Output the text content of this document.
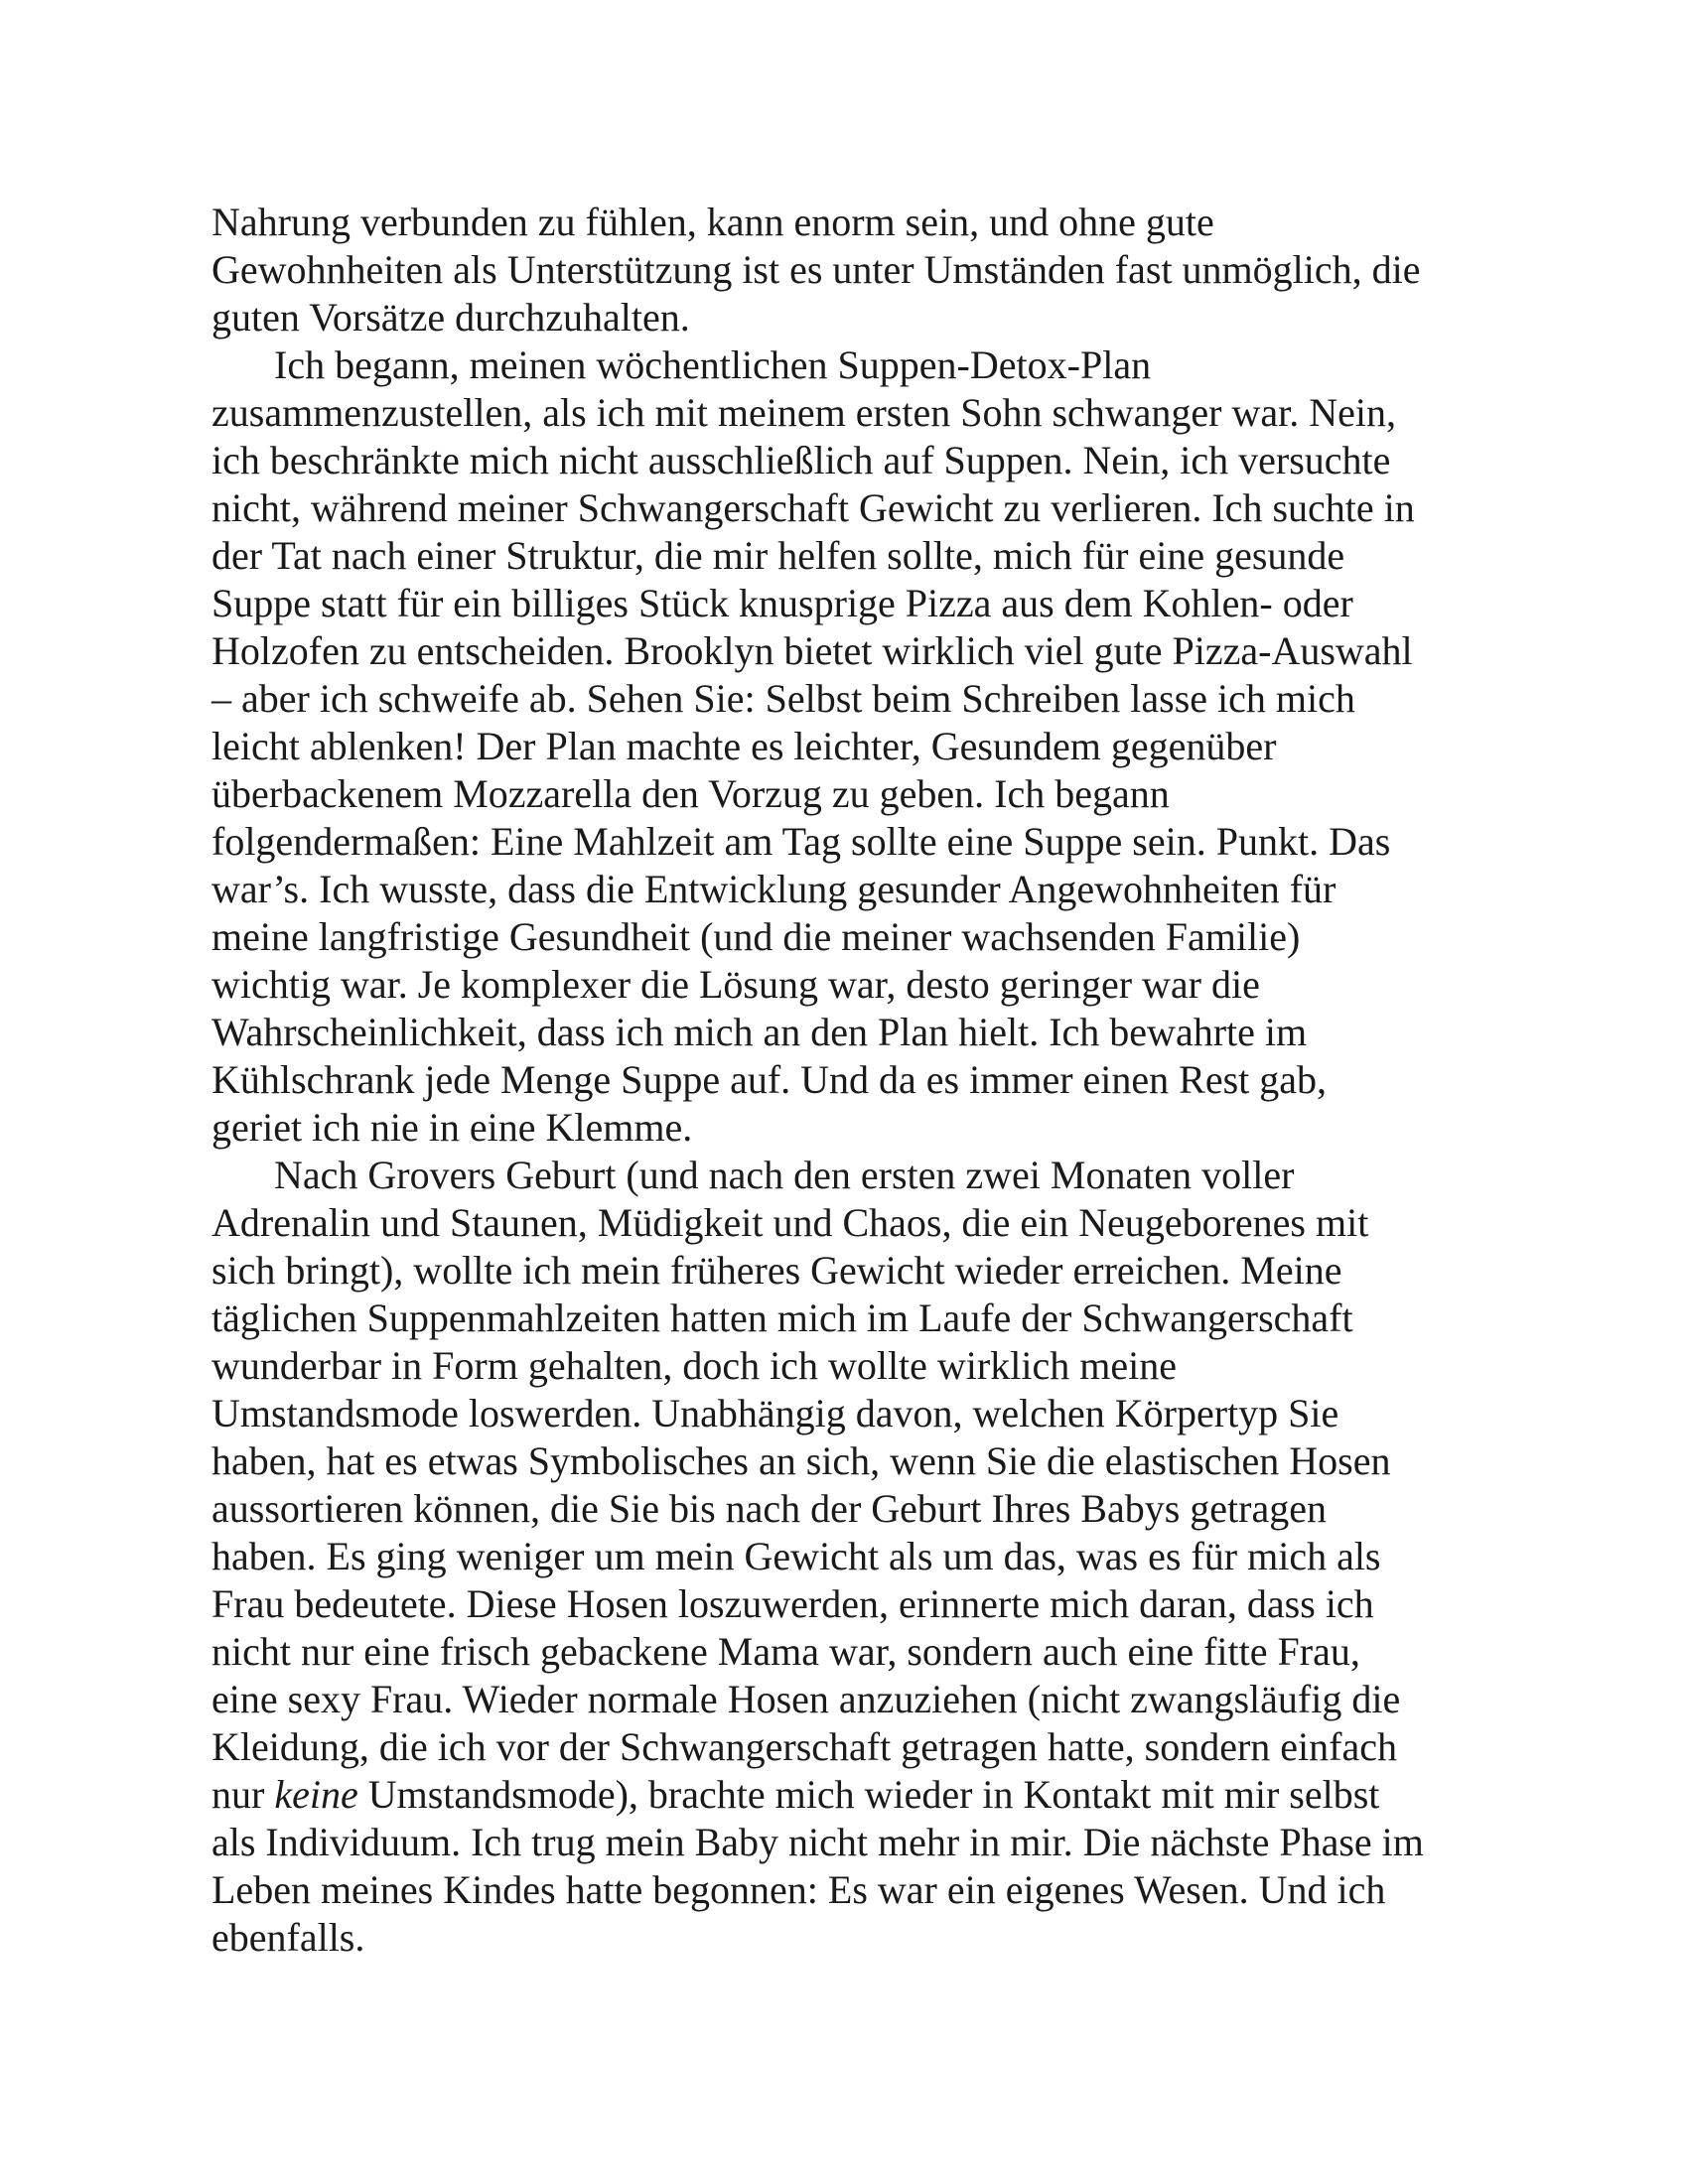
Nahrung verbunden zu fühlen, kann enorm sein, und ohne gute
Gewohnheiten als Unterstützung ist es unter Umständen fast unmöglich, die
guten Vorsätze durchzuhalten.
Ich begann, meinen wöchentlichen Suppen-Detox-Plan
zusammenzustellen, als ich mit meinem ersten Sohn schwanger war. Nein,
ich beschränkte mich nicht ausschließlich auf Suppen. Nein, ich versuchte
nicht, während meiner Schwangerschaft Gewicht zu verlieren. Ich suchte in
der Tat nach einer Struktur, die mir helfen sollte, mich für eine gesunde
Suppe statt für ein billiges Stück knusprige Pizza aus dem Kohlen- oder
Holzofen zu entscheiden. Brooklyn bietet wirklich viel gute Pizza-Auswahl
– aber ich schweife ab. Sehen Sie: Selbst beim Schreiben lasse ich mich
leicht ablenken! Der Plan machte es leichter, Gesundem gegenüber
überbackenem Mozzarella den Vorzug zu geben. Ich begann
folgendermaßen: Eine Mahlzeit am Tag sollte eine Suppe sein. Punkt. Das
war’s. Ich wusste, dass die Entwicklung gesunder Angewohnheiten für
meine langfristige Gesundheit (und die meiner wachsenden Familie)
wichtig war. Je komplexer die Lösung war, desto geringer war die
Wahrscheinlichkeit, dass ich mich an den Plan hielt. Ich bewahrte im
Kühlschrank jede Menge Suppe auf. Und da es immer einen Rest gab,
geriet ich nie in eine Klemme.
Nach Grovers Geburt (und nach den ersten zwei Monaten voller
Adrenalin und Staunen, Müdigkeit und Chaos, die ein Neugeborenes mit
sich bringt), wollte ich mein früheres Gewicht wieder erreichen. Meine
täglichen Suppenmahlzeiten hatten mich im Laufe der Schwangerschaft
wunderbar in Form gehalten, doch ich wollte wirklich meine
Umstandsmode loswerden. Unabhängig davon, welchen Körpertyp Sie
haben, hat es etwas Symbolisches an sich, wenn Sie die elastischen Hosen
aussortieren können, die Sie bis nach der Geburt Ihres Babys getragen
haben. Es ging weniger um mein Gewicht als um das, was es für mich als
Frau bedeutete. Diese Hosen loszuwerden, erinnerte mich daran, dass ich
nicht nur eine frisch gebackene Mama war, sondern auch eine fitte Frau,
eine sexy Frau. Wieder normale Hosen anzuziehen (nicht zwangsläufig die
Kleidung, die ich vor der Schwangerschaft getragen hatte, sondern einfach
nur keine Umstandsmode), brachte mich wieder in Kontakt mit mir selbst
als Individuum. Ich trug mein Baby nicht mehr in mir. Die nächste Phase im
Leben meines Kindes hatte begonnen: Es war ein eigenes Wesen. Und ich
ebenfalls.
